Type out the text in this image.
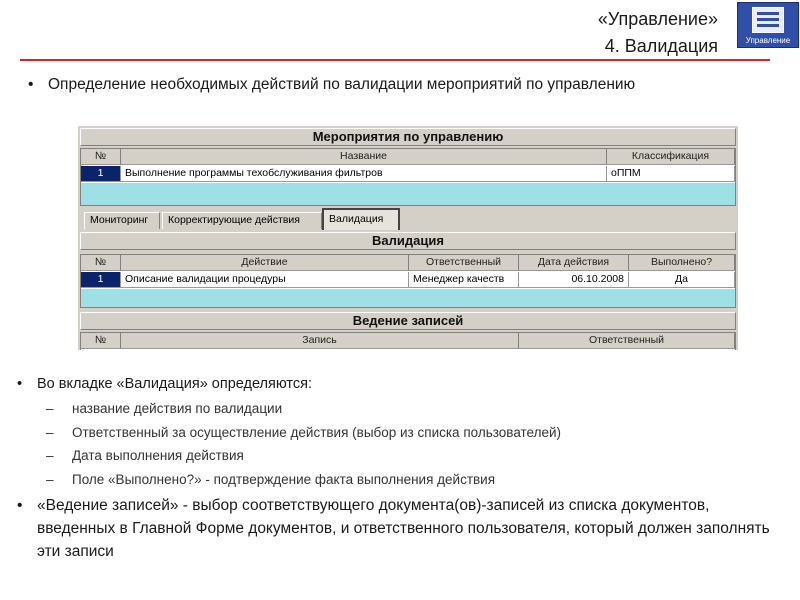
«Управление»
4. Валидация	Управление
• Определение необходимых действий по валидации мероприятий по управлению
Мероприятия по управлению
№	Название	Классификация
1	Выполнение программы техобслуживания фильтров	оППМ
Мониторинг	Корректирующие действия	Валидация
Валидация
№	Действие	Ответственный	Дата действия	Выполнено?
1	Описание валидации процедуры	Менеджер качеств	06.10.2008	Да
Ведение записей
№	Запись	Ответственный
• Во вкладке «Валидация» определяются:
– название действия по валидации
– Ответственный за осуществление действия (выбор из списка пользователей)
– Дата выполнения действия
– Поле «Выполнено?» - подтверждение факта выполнения действия
• «Ведение записей» - выбор соответствующего документа(ов)-записей из списка документов, введенных в Главной Форме документов, и ответственного пользователя, который должен заполнять эти записи
